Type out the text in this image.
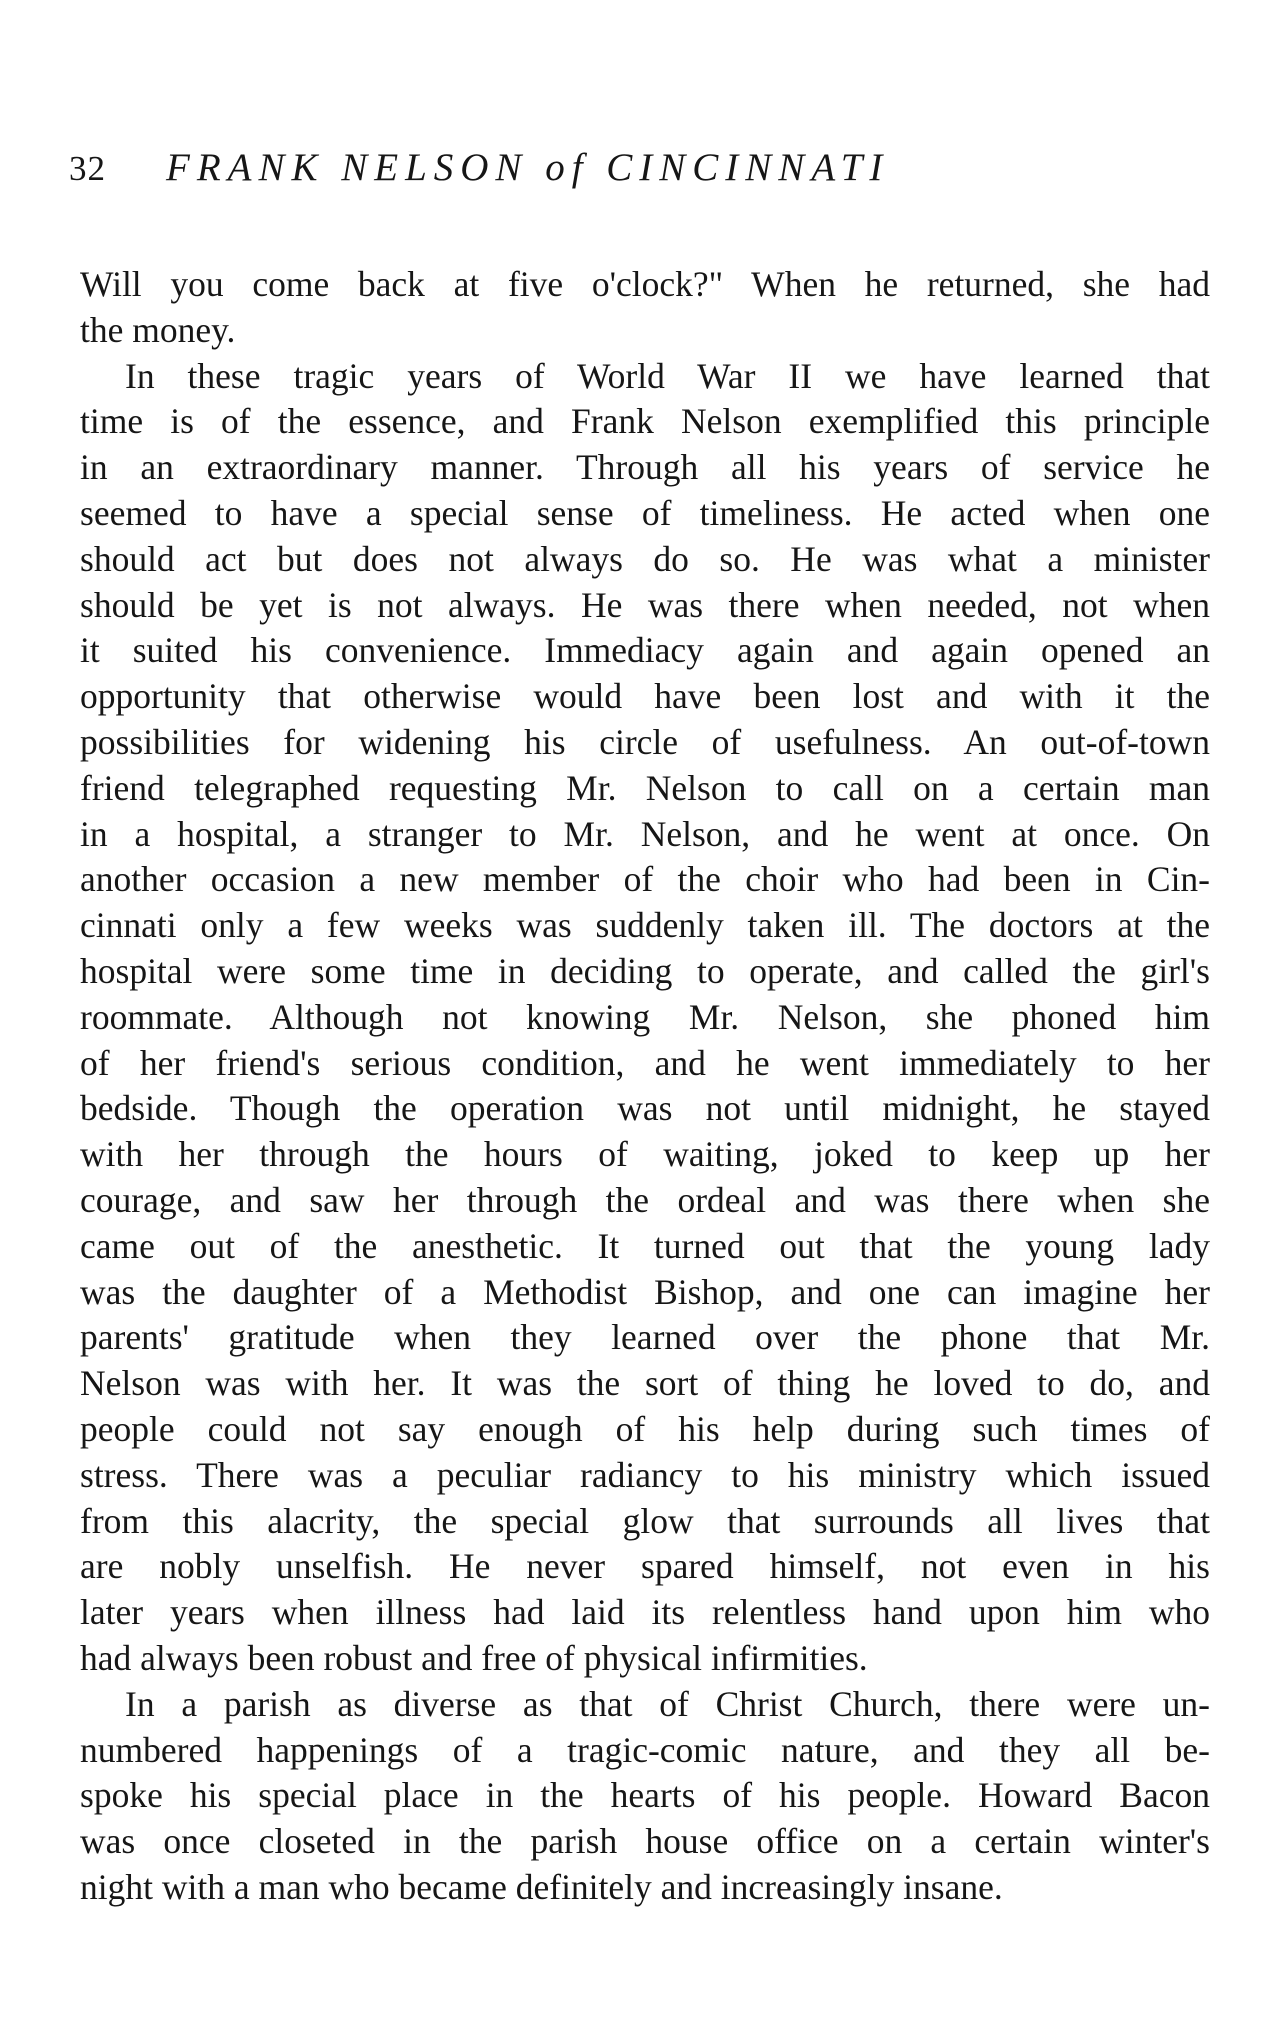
32 FRANK NELSON of CINCINNATI

Will you come back at five o'clock?" When he returned, she had
the money.

In these tragic years of World War II we have learned that
time is of the essence, and Frank Nelson exemplified this principle
in an extraordinary manner. Through all his years of service he
seemed to have a special sense of timeliness. He acted when one
should act but does not always do so. He was what a minister
should be yet is not always. He was there when needed, not when
it suited his convenience. Immediacy again and again opened an
opportunity that otherwise would have been lost and with it the
possibilities for widening his circle of usefulness. An out-of-town
friend telegraphed requesting Mr. Nelson to call on a certain man
in a hospital, a stranger to Mr. Nelson, and he went at once. On
another occasion a new member of the choir who had been in Cin-
cinnati only a few weeks was suddenly taken ill. The doctors at the
hospital were some time in deciding to operate, and called the girl's
roommate. Although not knowing Mr. Nelson, she phoned him
of her friend's serious condition, and he went immediately to her
bedside. Though the operation was not until midnight, he stayed
with her through the hours of waiting, joked to keep up her
courage, and saw her through the ordeal and was there when she
came out of the anesthetic. It turned out that the young lady
was the daughter of a Methodist Bishop, and one can imagine her
parents' gratitude when they learned over the phone that Mr.
Nelson was with her. It was the sort of thing he loved to do, and
people could not say enough of his help during such times of
stress. There was a peculiar radiancy to his ministry which issued
from this alacrity, the special glow that surrounds all lives that
are nobly unselfish. He never spared himself, not even in his
later years when illness had laid its relentless hand upon him who
had always been robust and free of physical infirmities.

In a parish as diverse as that of Christ Church, there were un-
numbered happenings of a tragic-comic nature, and they all be-
spoke his special place in the hearts of his people. Howard Bacon
was once closeted in the parish house office on a certain winter's
night with a man who became definitely and increasingly insane.
